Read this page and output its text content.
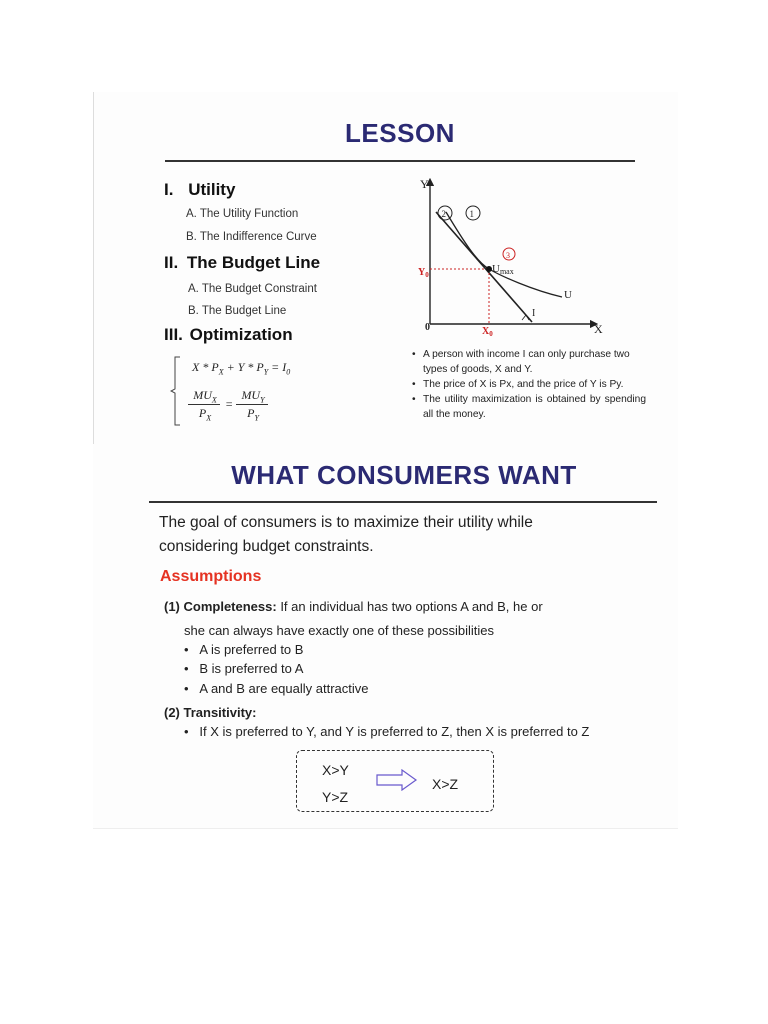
LESSON
I. Utility
A. The Utility Function
B. The Indifference Curve
II. The Budget Line
A. The Budget Constraint
B. The Budget Line
III. Optimization
$X * P_X + Y * P_Y = I_0$
$MU_X$
$P_X$
=
$MU_Y$
$P_Y$
Y
X
0
$Y_0$
$X_0$
Umax
U
I
2	1
3
• A person with income I can only purchase two types of goods, X and Y.
• The price of X is Px, and the price of Y is Py.
• The utility maximization is obtained by spending all the money.
WHAT CONSUMERS WANT
The goal of consumers is to maximize their utility while
considering budget constraints.
Assumptions
(1) Completeness: If an individual has two options A and B, he or
she can always have exactly one of these possibilities
•   A is preferred to B
•   B is preferred to A
•   A and B are equally attractive
(2) Transitivity:
•   If X is preferred to Y, and Y is preferred to Z, then X is preferred to Z
X>Y
Y>Z
X>Z
